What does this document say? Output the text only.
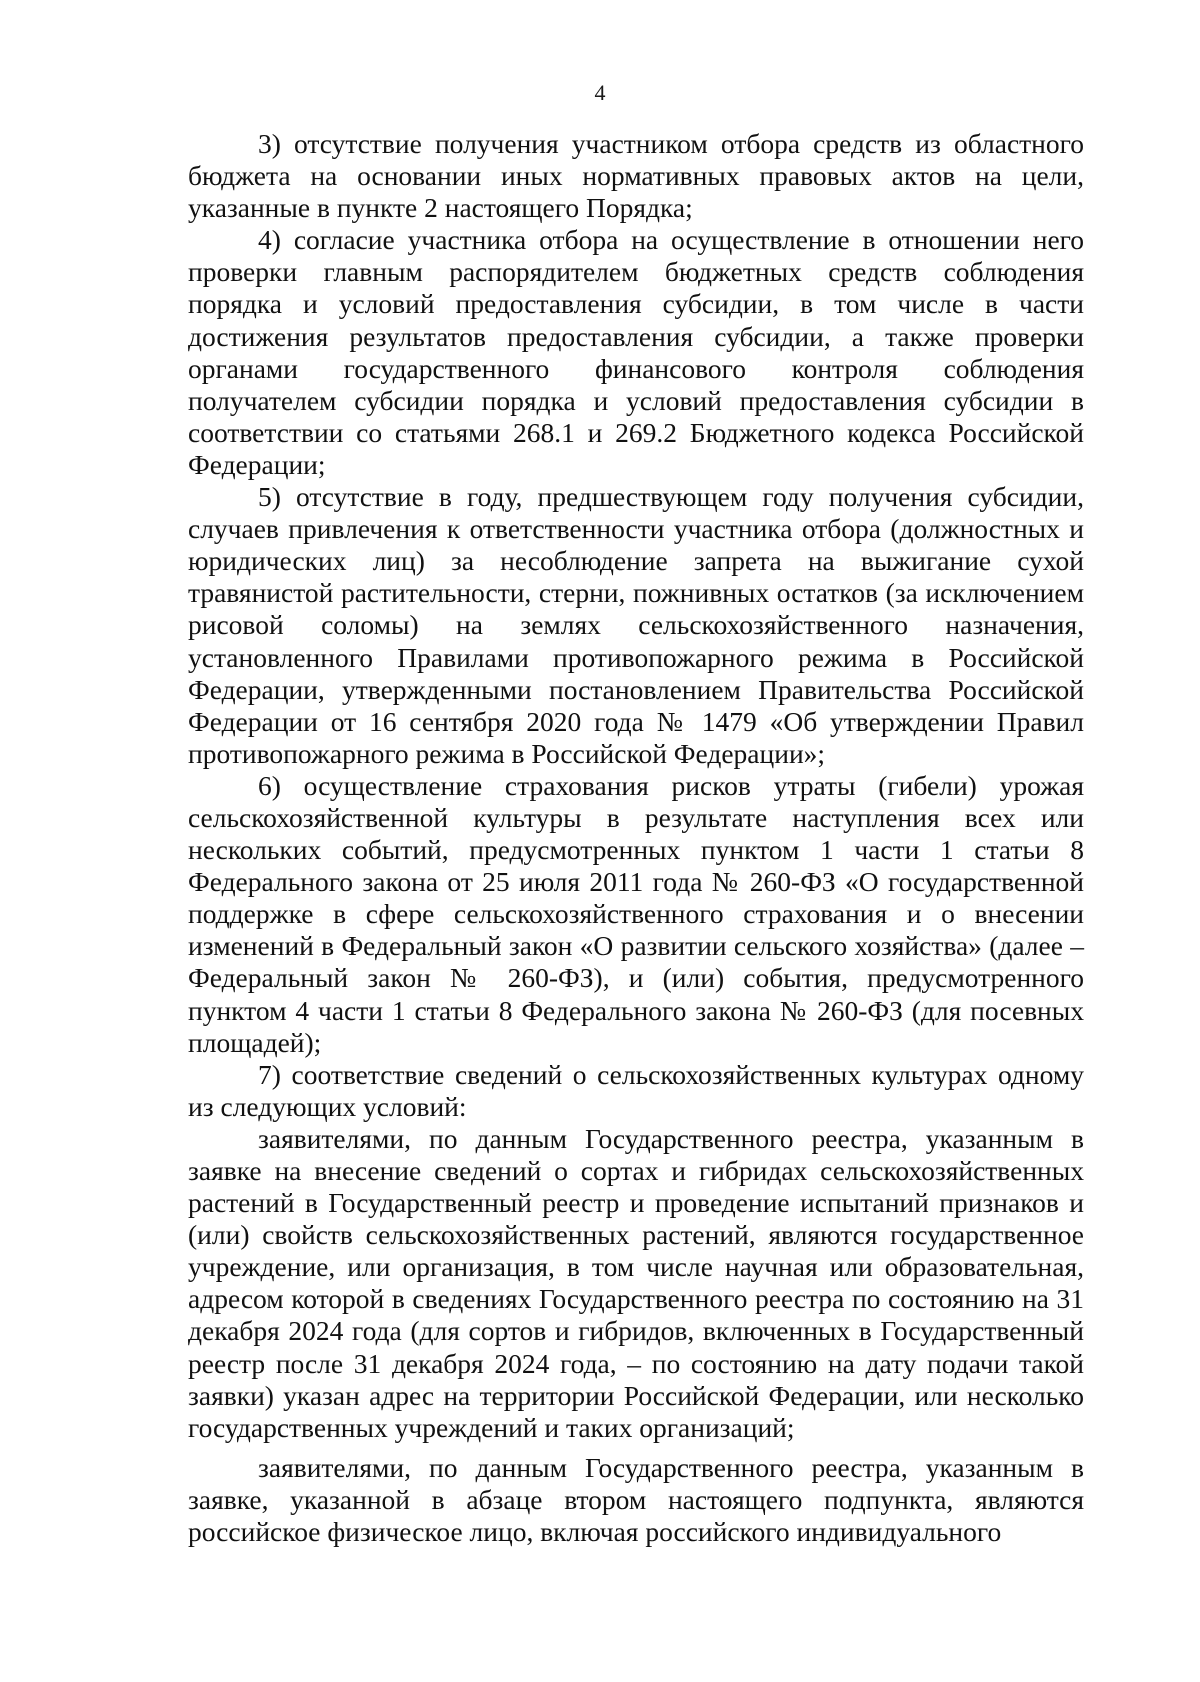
4

3) отсутствие получения участником отбора средств из областного бюджета на основании иных нормативных правовых актов на цели, указанные в пункте 2 настоящего Порядка;

4) согласие участника отбора на осуществление в отношении него проверки главным распорядителем бюджетных средств соблюдения порядка и условий предоставления субсидии, в том числе в части достижения результатов предоставления субсидии, а также проверки органами государственного финансового контроля соблюдения получателем субсидии порядка и условий предоставления субсидии в соответствии со статьями 268.1 и 269.2 Бюджетного кодекса Российской Федерации;

5) отсутствие в году, предшествующем году получения субсидии, случаев привлечения к ответственности участника отбора (должностных и юридических лиц) за несоблюдение запрета на выжигание сухой травянистой растительности, стерни, пожнивных остатков (за исключением рисовой соломы) на землях сельскохозяйственного назначения, установленного Правилами противопожарного режима в Российской Федерации, утвержденными постановлением Правительства Российской Федерации от 16 сентября 2020 года № 1479 «Об утверждении Правил противопожарного режима в Российской Федерации»;

6) осуществление страхования рисков утраты (гибели) урожая сельскохозяйственной культуры в результате наступления всех или нескольких событий, предусмотренных пунктом 1 части 1 статьи 8 Федерального закона от 25 июля 2011 года № 260-ФЗ «О государственной поддержке в сфере сельскохозяйственного страхования и о внесении изменений в Федеральный закон «О развитии сельского хозяйства» (далее – Федеральный закон № 260-ФЗ), и (или) события, предусмотренного пунктом 4 части 1 статьи 8 Федерального закона № 260-ФЗ (для посевных площадей);

7) соответствие сведений о сельскохозяйственных культурах одному из следующих условий:

заявителями, по данным Государственного реестра, указанным в заявке на внесение сведений о сортах и гибридах сельскохозяйственных растений в Государственный реестр и проведение испытаний признаков и (или) свойств сельскохозяйственных растений, являются государственное учреждение, или организация, в том числе научная или образовательная, адресом которой в сведениях Государственного реестра по состоянию на 31 декабря 2024 года (для сортов и гибридов, включенных в Государственный реестр после 31 декабря 2024 года, – по состоянию на дату подачи такой заявки) указан адрес на территории Российской Федерации, или несколько государственных учреждений и таких организаций;

заявителями, по данным Государственного реестра, указанным в заявке, указанной в абзаце втором настоящего подпункта, являются российское физическое лицо, включая российского индивидуального
